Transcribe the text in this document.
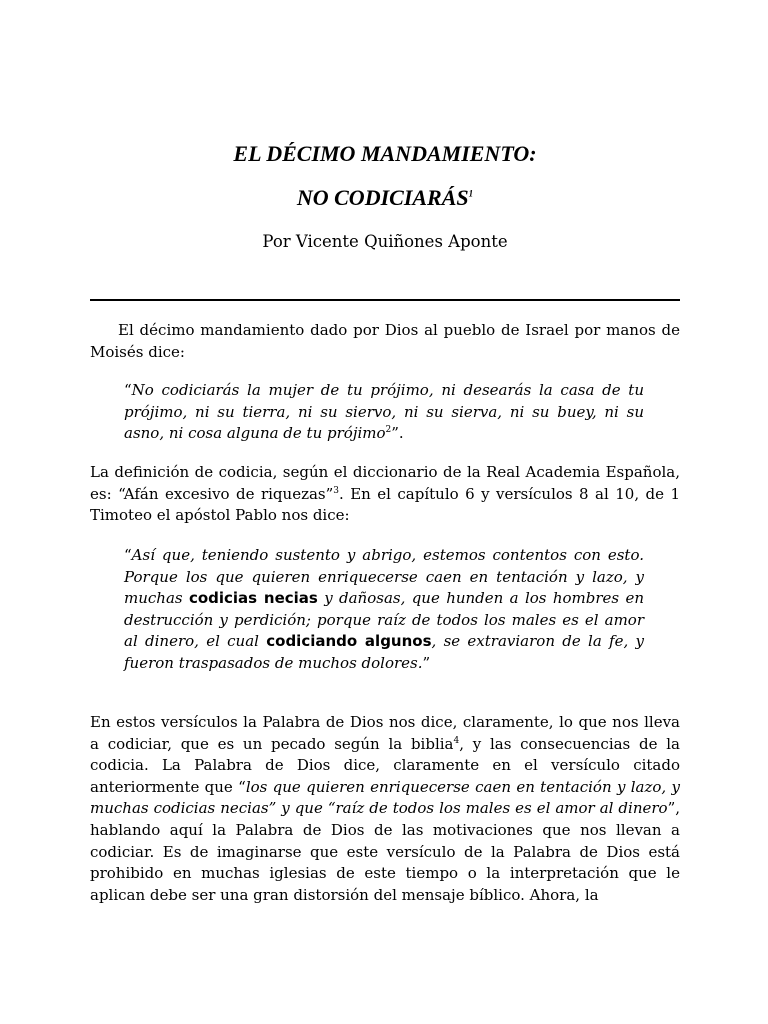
EL DÉCIMO MANDAMIENTO:
NO CODICIARÁS$^1$
Por Vicente Quiñones Aponte

El décimo mandamiento dado por Dios al pueblo de Israel por manos de Moisés dice:

“No codiciarás la mujer de tu prójimo, ni desearás la casa de tu prójimo, ni su tierra, ni su siervo, ni su sierva, ni su buey, ni su asno, ni cosa alguna de tu prójimo$^2$”.

La definición de codicia, según el diccionario de la Real Academia Española, es: “Afán excesivo de riquezas”$^3$. En el capítulo 6 y versículos 8 al 10, de 1 Timoteo el apóstol Pablo nos dice:

“Así que, teniendo sustento y abrigo, estemos contentos con esto. Porque los que quieren enriquecerse caen en tentación y lazo, y muchas codicias necias y dañosas, que hunden a los hombres en destrucción y perdición; porque raíz de todos los males es el amor al dinero, el cual codiciando algunos, se extraviaron de la fe, y fueron traspasados de muchos dolores.”

En estos versículos la Palabra de Dios nos dice, claramente, lo que nos lleva a codiciar, que es un pecado según la biblia$^4$, y las consecuencias de la codicia. La Palabra de Dios dice, claramente en el versículo citado anteriormente que “los que quieren enriquecerse caen en tentación y lazo, y muchas codicias necias” y que “raíz de todos los males es el amor al dinero”, hablando aquí la Palabra de Dios de las motivaciones que nos llevan a codiciar. Es de imaginarse que este versículo de la Palabra de Dios está prohibido en muchas iglesias de este tiempo o la interpretación que le aplican debe ser una gran distorsión del mensaje bíblico. Ahora, la
